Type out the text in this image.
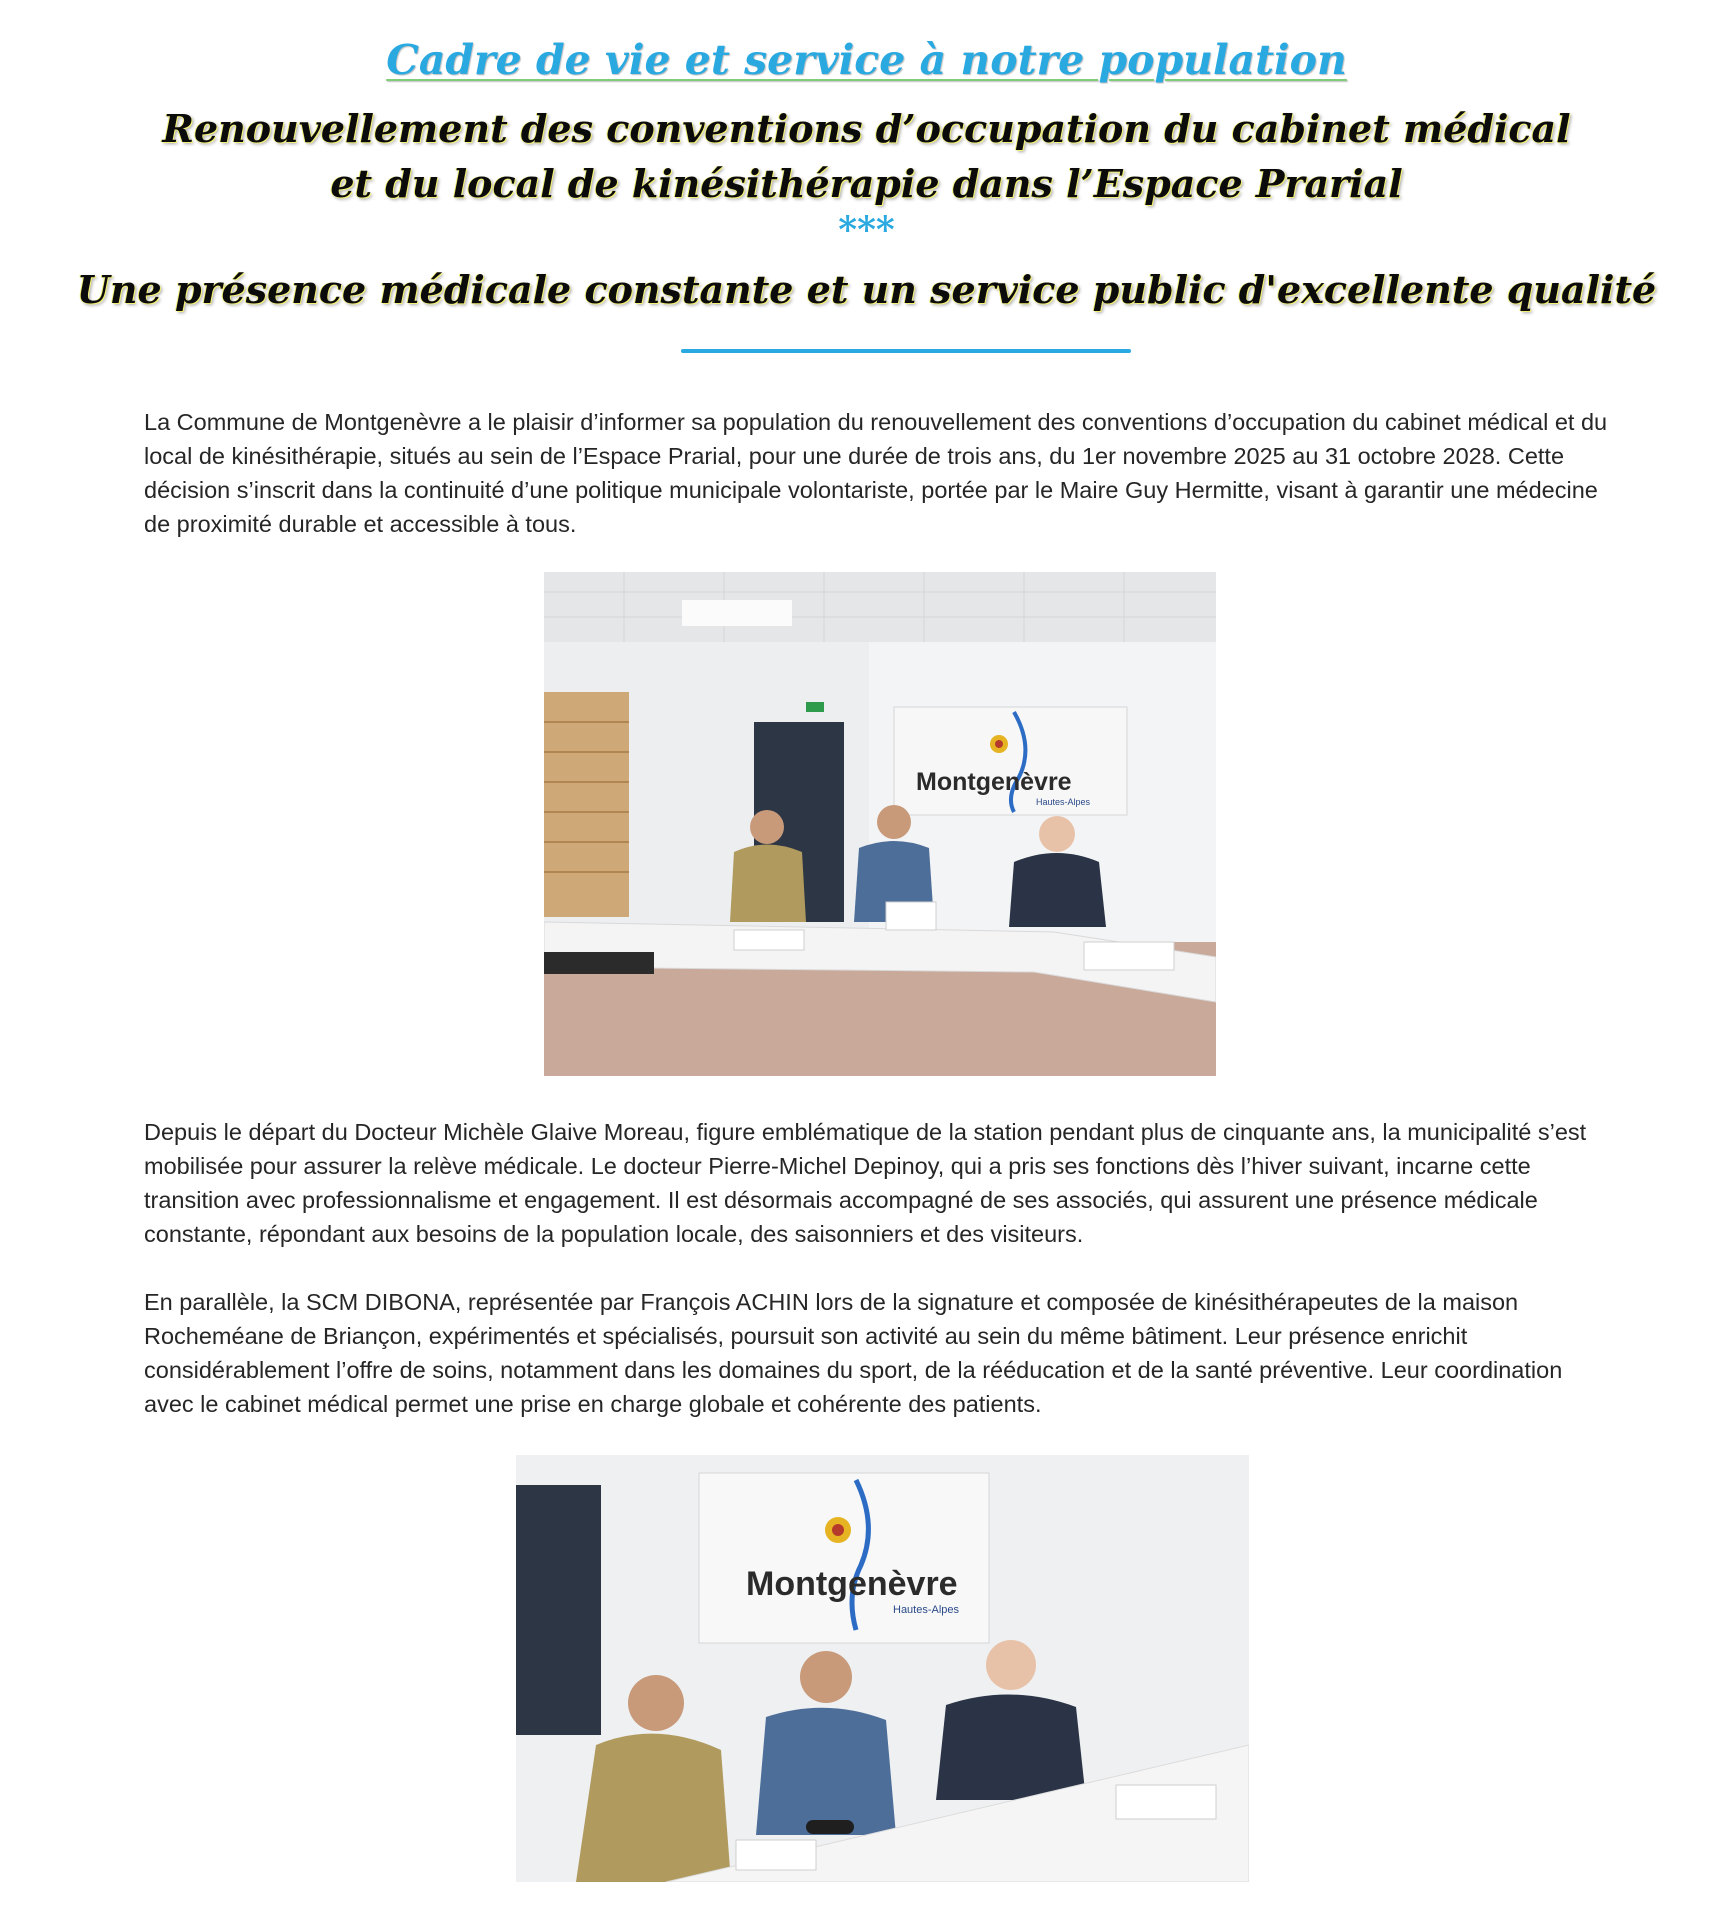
Cadre de vie et service à notre population
Renouvellement des conventions d’occupation du cabinet médical
et du local de kinésithérapie dans l’Espace Prarial
***
Une présence médicale constante et un service public d'excellente qualité

La Commune de Montgenèvre a le plaisir d’informer sa population du renouvellement des conventions d’occupation du cabinet médical et du local de kinésithérapie, situés au sein de l’Espace Prarial, pour une durée de trois ans, du 1er novembre 2025 au 31 octobre 2028. Cette décision s’inscrit dans la continuité d’une politique municipale volontariste, portée par le Maire Guy Hermitte, visant à garantir une médecine de proximité durable et accessible à tous.

Montgenèvre
Hautes-Alpes

Depuis le départ du Docteur Michèle Glaive Moreau, figure emblématique de la station pendant plus de cinquante ans, la municipalité s’est mobilisée pour assurer la relève médicale. Le docteur Pierre-Michel Depinoy, qui a pris ses fonctions dès l’hiver suivant, incarne cette transition avec professionnalisme et engagement. Il est désormais accompagné de ses associés, qui assurent une présence médicale constante, répondant aux besoins de la population locale, des saisonniers et des visiteurs.

En parallèle, la SCM DIBONA, représentée par François ACHIN lors de la signature et composée de kinésithérapeutes de la maison Rocheméane de Briançon, expérimentés et spécialisés, poursuit son activité au sein du même bâtiment. Leur présence enrichit considérablement l’offre de soins, notamment dans les domaines du sport, de la rééducation et de la santé préventive. Leur coordination avec le cabinet médical permet une prise en charge globale et cohérente des patients.

Montgenèvre
Hautes-Alpes
